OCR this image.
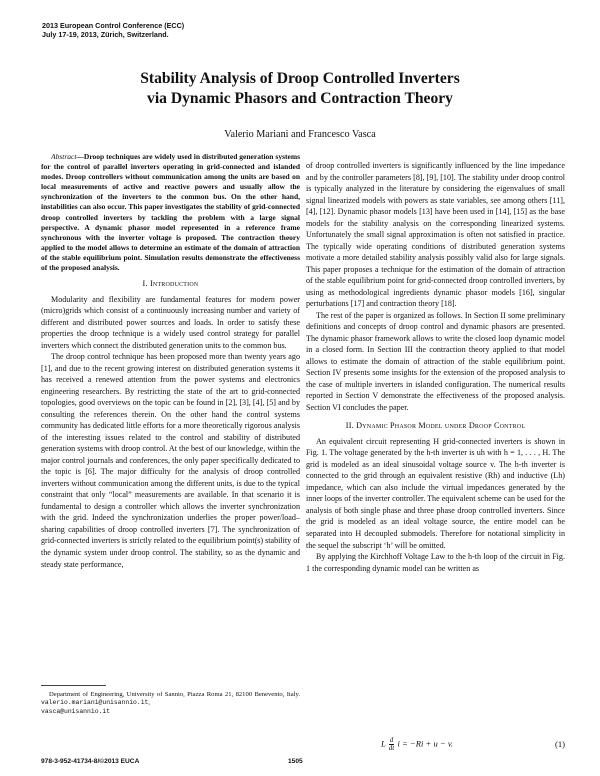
2013 European Control Conference (ECC)
July 17-19, 2013, Zürich, Switzerland.
Stability Analysis of Droop Controlled Inverters
via Dynamic Phasors and Contraction Theory
Valerio Mariani and Francesco Vasca
Abstract—Droop techniques are widely used in distributed generation systems for the control of parallel inverters operating in grid-connected and islanded modes. Droop controllers without communication among the units are based on local measurements of active and reactive powers and usually allow the synchronization of the inverters to the common bus. On the other hand, instabilities can also occur. This paper investigates the stability of grid-connected droop controlled inverters by tackling the problem with a large signal perspective. A dynamic phasor model represented in a reference frame synchronous with the inverter voltage is proposed. The contraction theory applied to the model allows to determine an estimate of the domain of attraction of the stable equilibrium point. Simulation results demonstrate the effectiveness of the proposed analysis.
I. Introduction

Modularity and flexibility are fundamental features for modern power (micro)grids which consist of a continuously increasing number and variety of different and distributed power sources and loads. In order to satisfy these properties the droop technique is a widely used control strategy for parallel inverters which connect the distributed generation units to the common bus.

The droop control technique has been proposed more than twenty years ago [1], and due to the recent growing interest on distributed generation systems it has received a renewed attention from the power systems and electronics engineering researchers. By restricting the state of the art to grid-connected topologies, good overviews on the topic can be found in [2], [3], [4], [5] and by consulting the references therein. On the other hand the control systems community has dedicated little efforts for a more theoretically rigorous analysis of the interesting issues related to the control and stability of distributed generation systems with droop control. At the best of our knowledge, within the major control journals and conferences, the only paper specifically dedicated to the topic is [6]. The major difficulty for the analysis of droop controlled inverters without communication among the different units, is due to the typical constraint that only “local” measurements are available. In that scenario it is fundamental to design a controller which allows the inverter synchronization with the grid. Indeed the synchronization underlies the proper power/load–sharing capabilities of droop controlled inverters [7]. The synchronization of grid-connected inverters is strictly related to the equilibrium point(s) stability of the dynamic system under droop control. The stability, so as the dynamic and steady state performance,

Department of Engineering, University of Sannio, Piazza Roma 21, 82100 Benevento, Italy. valerio.mariani@unisannio.it,
vasca@unisannio.it

of droop controlled inverters is significantly influenced by the line impedance and by the controller parameters [8], [9], [10]. The stability under droop control is typically analyzed in the literature by considering the eigenvalues of small signal linearized models with powers as state variables, see among others [11], [4], [12]. Dynamic phasor models [13] have been used in [14], [15] as the base models for the stability analysis on the corresponding linearized systems. Unfortunately the small signal approximation is often not satisfied in practice. The typically wide operating conditions of distributed generation systems motivate a more detailed stability analysis possibly valid also for large signals. This paper proposes a technique for the estimation of the domain of attraction of the stable equilibrium point for grid-connected droop controlled inverters, by using as methodological ingredients dynamic phasor models [16], singular perturbations [17] and contraction theory [18].

The rest of the paper is organized as follows. In Section II some preliminary definitions and concepts of droop control and dynamic phasors are presented. The dynamic phasor framework allows to write the closed loop dynamic model in a closed form. In Section III the contraction theory applied to that model allows to estimate the domain of attraction of the stable equilibrium point. Section IV presents some insights for the extension of the proposed analysis to the case of multiple inverters in islanded configuration. The numerical results reported in Section V demonstrate the effectiveness of the proposed analysis. Section VI concludes the paper.

II. Dynamic Phasor Model under Droop Control

An equivalent circuit representing H grid-connected inverters is shown in Fig. 1. The voltage generated by the h-th inverter is uh with h = 1, . . . , H. The grid is modeled as an ideal sinusoidal voltage source v. The h-th inverter is connected to the grid through an equivalent resistive (Rh) and inductive (Lh) impedance, which can also include the virtual impedances generated by the inner loops of the inverter controller. The equivalent scheme can be used for the analysis of both single phase and three phase droop controlled inverters. Since the grid is modeled as an ideal voltage source, the entire model can be separated into H decoupled submodels. Therefore for notational simplicity in the sequel the subscript ‘h’ will be omitted.

By applying the Kirchhoff Voltage Law to the h-th loop of the circuit in Fig. 1 the corresponding dynamic model can be written as

L $\frac{d}{dt}$ i = −Ri + u − v.	(1)
978-3-952-41734-8/©2013 EUCA	1505
